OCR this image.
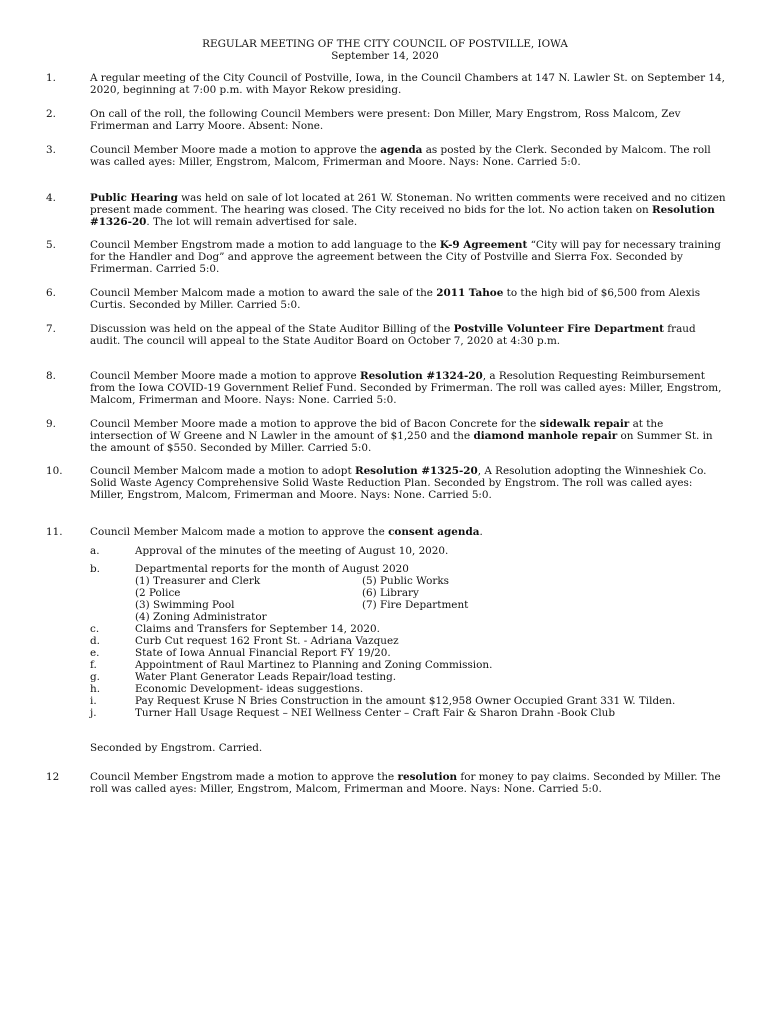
REGULAR MEETING OF THE CITY COUNCIL OF POSTVILLE, IOWA
September 14, 2020
1.	A regular meeting of the City Council of Postville, Iowa, in the Council Chambers at 147 N. Lawler St. on September 14, 2020, beginning at 7:00 p.m. with Mayor Rekow presiding.
2.	On call of the roll, the following Council Members were present: Don Miller, Mary Engstrom, Ross Malcom, Zev Frimerman and Larry Moore. Absent: None.
3.	Council Member Moore made a motion to approve the agenda as posted by the Clerk. Seconded by Malcom. The roll was called ayes: Miller, Engstrom, Malcom, Frimerman and Moore. Nays: None. Carried 5:0.
4.	Public Hearing was held on sale of lot located at 261 W. Stoneman. No written comments were received and no citizen present made comment. The hearing was closed. The City received no bids for the lot. No action taken on Resolution #1326-20. The lot will remain advertised for sale.
5.	Council Member Engstrom made a motion to add language to the K-9 Agreement “City will pay for necessary training for the Handler and Dog” and approve the agreement between the City of Postville and Sierra Fox. Seconded by Frimerman. Carried 5:0.
6.	Council Member Malcom made a motion to award the sale of the 2011 Tahoe to the high bid of $6,500 from Alexis Curtis. Seconded by Miller. Carried 5:0.
7.	Discussion was held on the appeal of the State Auditor Billing of the Postville Volunteer Fire Department fraud audit. The council will appeal to the State Auditor Board on October 7, 2020 at 4:30 p.m.
8.	Council Member Moore made a motion to approve Resolution #1324-20, a Resolution Requesting Reimbursement from the Iowa COVID-19 Government Relief Fund. Seconded by Frimerman. The roll was called ayes: Miller, Engstrom, Malcom, Frimerman and Moore. Nays: None. Carried 5:0.
9.	Council Member Moore made a motion to approve the bid of Bacon Concrete for the sidewalk repair at the intersection of W Greene and N Lawler in the amount of $1,250 and the diamond manhole repair on Summer St. in the amount of $550. Seconded by Miller. Carried 5:0.
10.	Council Member Malcom made a motion to adopt Resolution #1325-20, A Resolution adopting the Winneshiek Co. Solid Waste Agency Comprehensive Solid Waste Reduction Plan. Seconded by Engstrom. The roll was called ayes: Miller, Engstrom, Malcom, Frimerman and Moore. Nays: None. Carried 5:0.
11.	Council Member Malcom made a motion to approve the consent agenda.
a.	Approval of the minutes of the meeting of August 10, 2020.
b.	Departmental reports for the month of August 2020
(1) Treasurer and Clerk	(5) Public Works
(2 Police	(6) Library
(3) Swimming Pool	(7) Fire Department
(4) Zoning Administrator
c.	Claims and Transfers for September 14, 2020.
d.	Curb Cut request 162 Front St. - Adriana Vazquez
e.	State of Iowa Annual Financial Report FY 19/20.
f.	Appointment of Raul Martinez to Planning and Zoning Commission.
g.	Water Plant Generator Leads Repair/load testing.
h.	Economic Development- ideas suggestions.
i.	Pay Request Kruse N Bries Construction in the amount $12,958 Owner Occupied Grant 331 W. Tilden.
j.	Turner Hall Usage Request – NEI Wellness Center – Craft Fair & Sharon Drahn -Book Club
Seconded by Engstrom. Carried.
12	Council Member Engstrom made a motion to approve the resolution for money to pay claims. Seconded by Miller. The roll was called ayes: Miller, Engstrom, Malcom, Frimerman and Moore. Nays: None. Carried 5:0.
